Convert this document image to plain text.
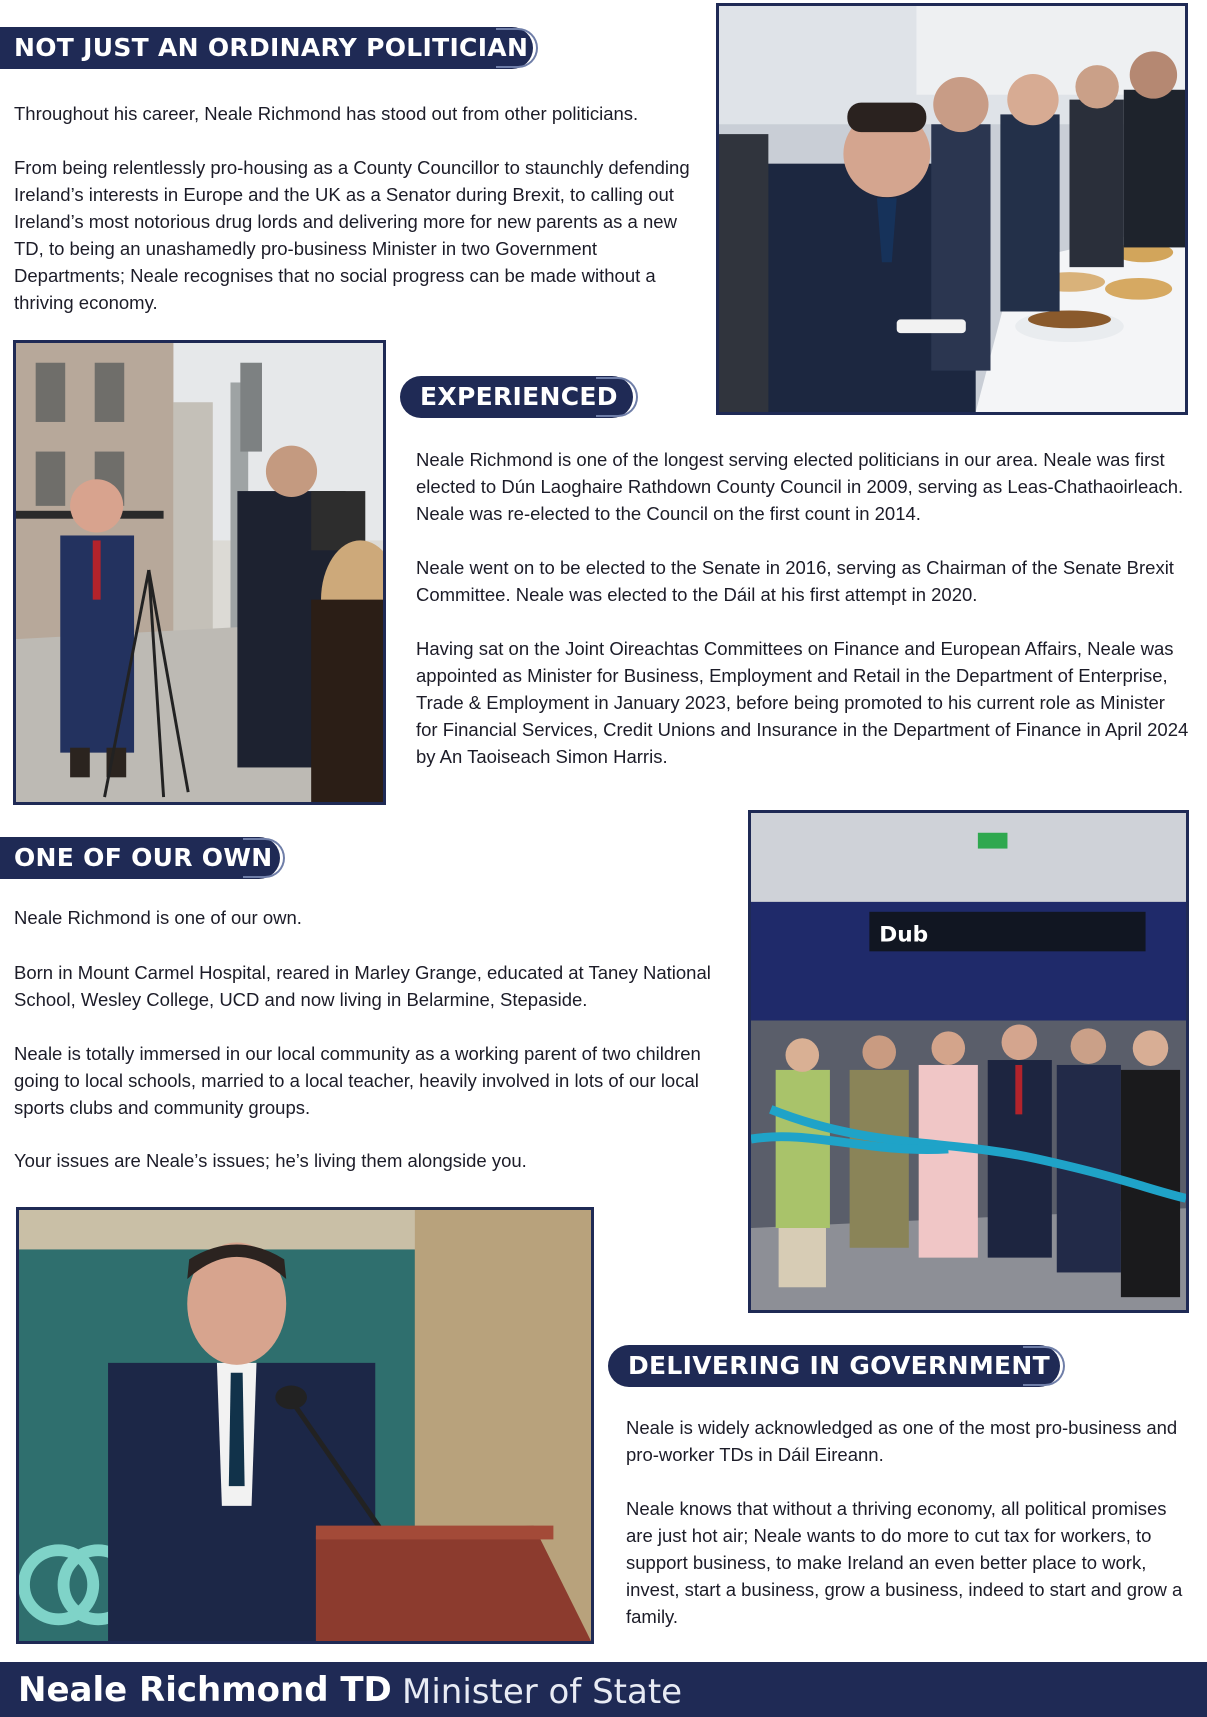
NOT JUST AN ORDINARY POLITICIAN

Throughout his career, Neale Richmond has stood out from other politicians.

From being relentlessly pro-housing as a County Councillor to staunchly defending Ireland’s interests in Europe and the UK as a Senator during Brexit, to calling out Ireland’s most notorious drug lords and delivering more for new parents as a new TD, to being an unashamedly pro-business Minister in two Government Departments; Neale recognises that no social progress can be made without a thriving economy.

EXPERIENCED

Neale Richmond is one of the longest serving elected politicians in our area. Neale was first elected to Dún Laoghaire Rathdown County Council in 2009, serving as Leas-Chathaoirleach. Neale was re-elected to the Council on the first count in 2014.

Neale went on to be elected to the Senate in 2016, serving as Chairman of the Senate Brexit Committee. Neale was elected to the Dáil at his first attempt in 2020.

Having sat on the Joint Oireachtas Committees on Finance and European Affairs, Neale was appointed as Minister for Business, Employment and Retail in the Department of Enterprise, Trade & Employment in January 2023, before being promoted to his current role as Minister for Financial Services, Credit Unions and Insurance in the Department of Finance in April 2024 by An Taoiseach Simon Harris.

ONE OF OUR OWN

Neale Richmond is one of our own.

Born in Mount Carmel Hospital, reared in Marley Grange, educated at Taney National School, Wesley College, UCD and now living in Belarmine, Stepaside.

Neale is totally immersed in our local community as a working parent of two children going to local schools, married to a local teacher, heavily involved in lots of our local sports clubs and community groups.

Your issues are Neale’s issues; he’s living them alongside you.

Dub
DELIVERING IN GOVERNMENT

Neale is widely acknowledged as one of the most pro-business and pro-worker TDs in Dáil Eireann.

Neale knows that without a thriving economy, all political promises are just hot air; Neale wants to do more to cut tax for workers, to support business, to make Ireland an even better place to work, invest, start a business, grow a business, indeed to start and grow a family.

Neale Richmond TD Minister of State
